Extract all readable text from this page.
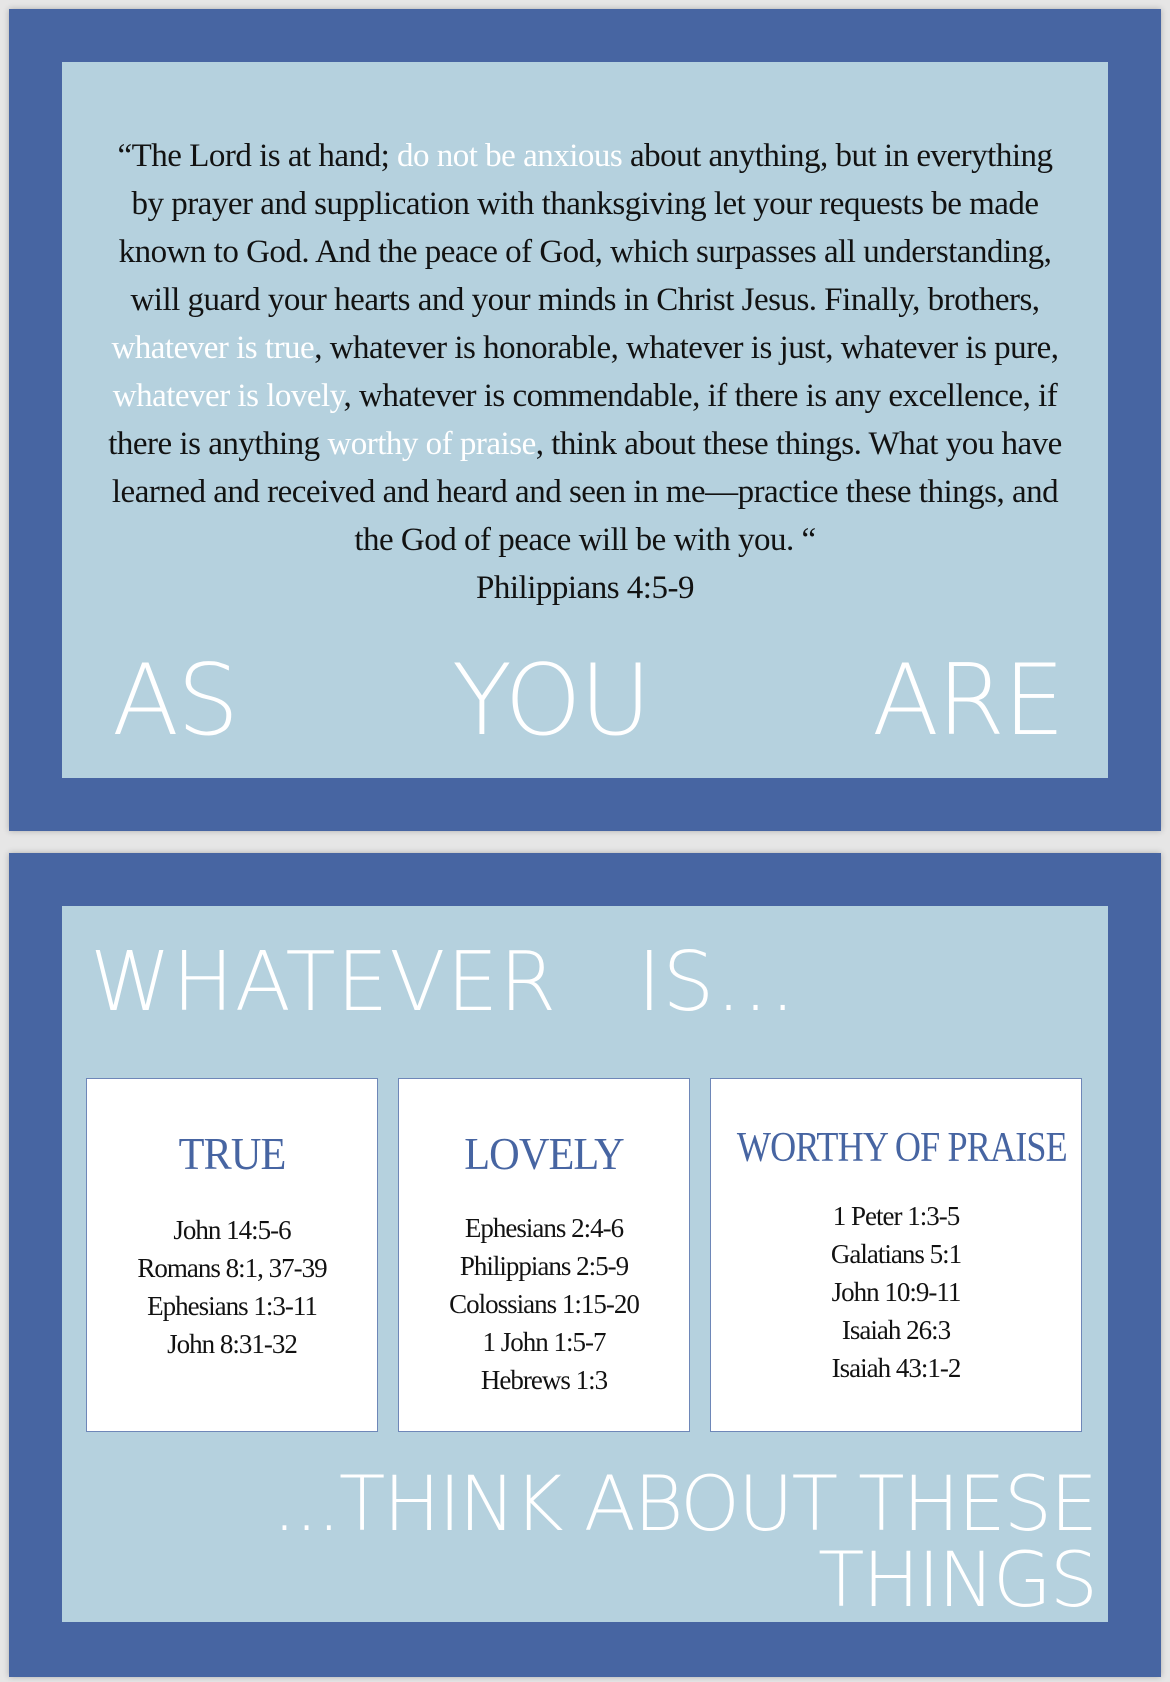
“The Lord is at hand; do not be anxious about anything, but in everything by prayer and supplication with thanksgiving let your requests be made known to God. And the peace of God, which surpasses all understanding, will guard your hearts and your minds in Christ Jesus. Finally, brothers, whatever is true, whatever is honorable, whatever is just, whatever is pure, whatever is lovely, whatever is commendable, if there is any excellence, if there is anything worthy of praise, think about these things. What you have learned and received and heard and seen in me—practice these things, and the God of peace will be with you. “
Philippians 4:5-9
AS YOU ARE
WHATEVER IS...
TRUE
John 14:5-6
Romans 8:1, 37-39
Ephesians 1:3-11
John 8:31-32
LOVELY
Ephesians 2:4-6
Philippians 2:5-9
Colossians 1:15-20
1 John 1:5-7
Hebrews 1:3
WORTHY OF PRAISE
1 Peter 1:3-5
Galatians 5:1
John 10:9-11
Isaiah 26:3
Isaiah 43:1-2
...THINK ABOUT THESE
THINGS
